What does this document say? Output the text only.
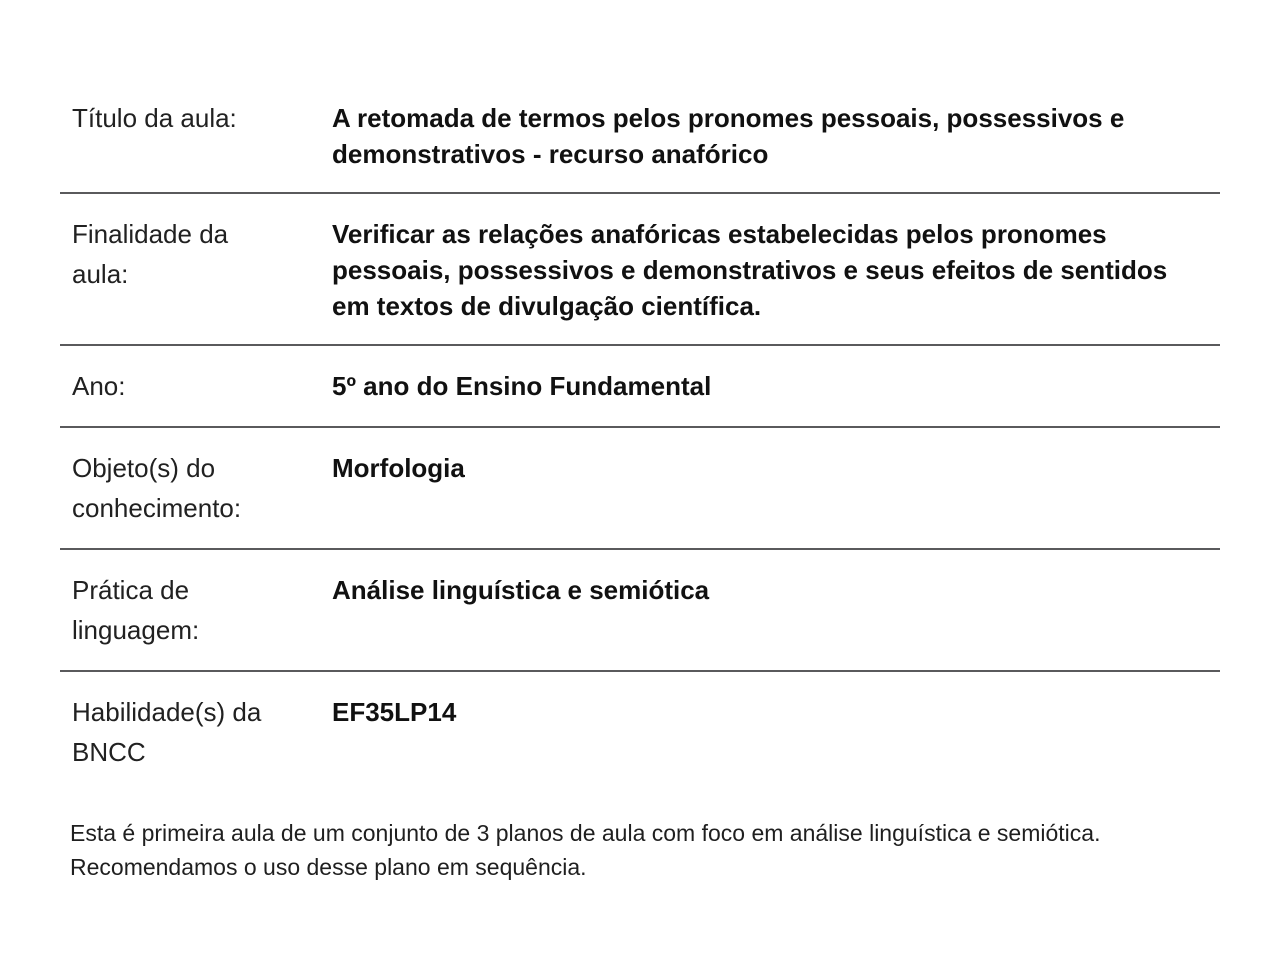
Título da aula:	A retomada de termos pelos pronomes pessoais, possessivos e demonstrativos - recurso anafórico
Finalidade da aula:
Verificar as relações anafóricas estabelecidas pelos pronomes pessoais, possessivos e demonstrativos e seus efeitos de sentidos em textos de divulgação científica.
Ano:	5º ano do Ensino Fundamental
Objeto(s) do conhecimento:
Morfologia
Prática de linguagem:
Análise linguística e semiótica
Habilidade(s) da BNCC
EF35LP14

Esta é primeira aula de um conjunto de 3 planos de aula com foco em análise linguística e semiótica. Recomendamos o uso desse plano em sequência.
